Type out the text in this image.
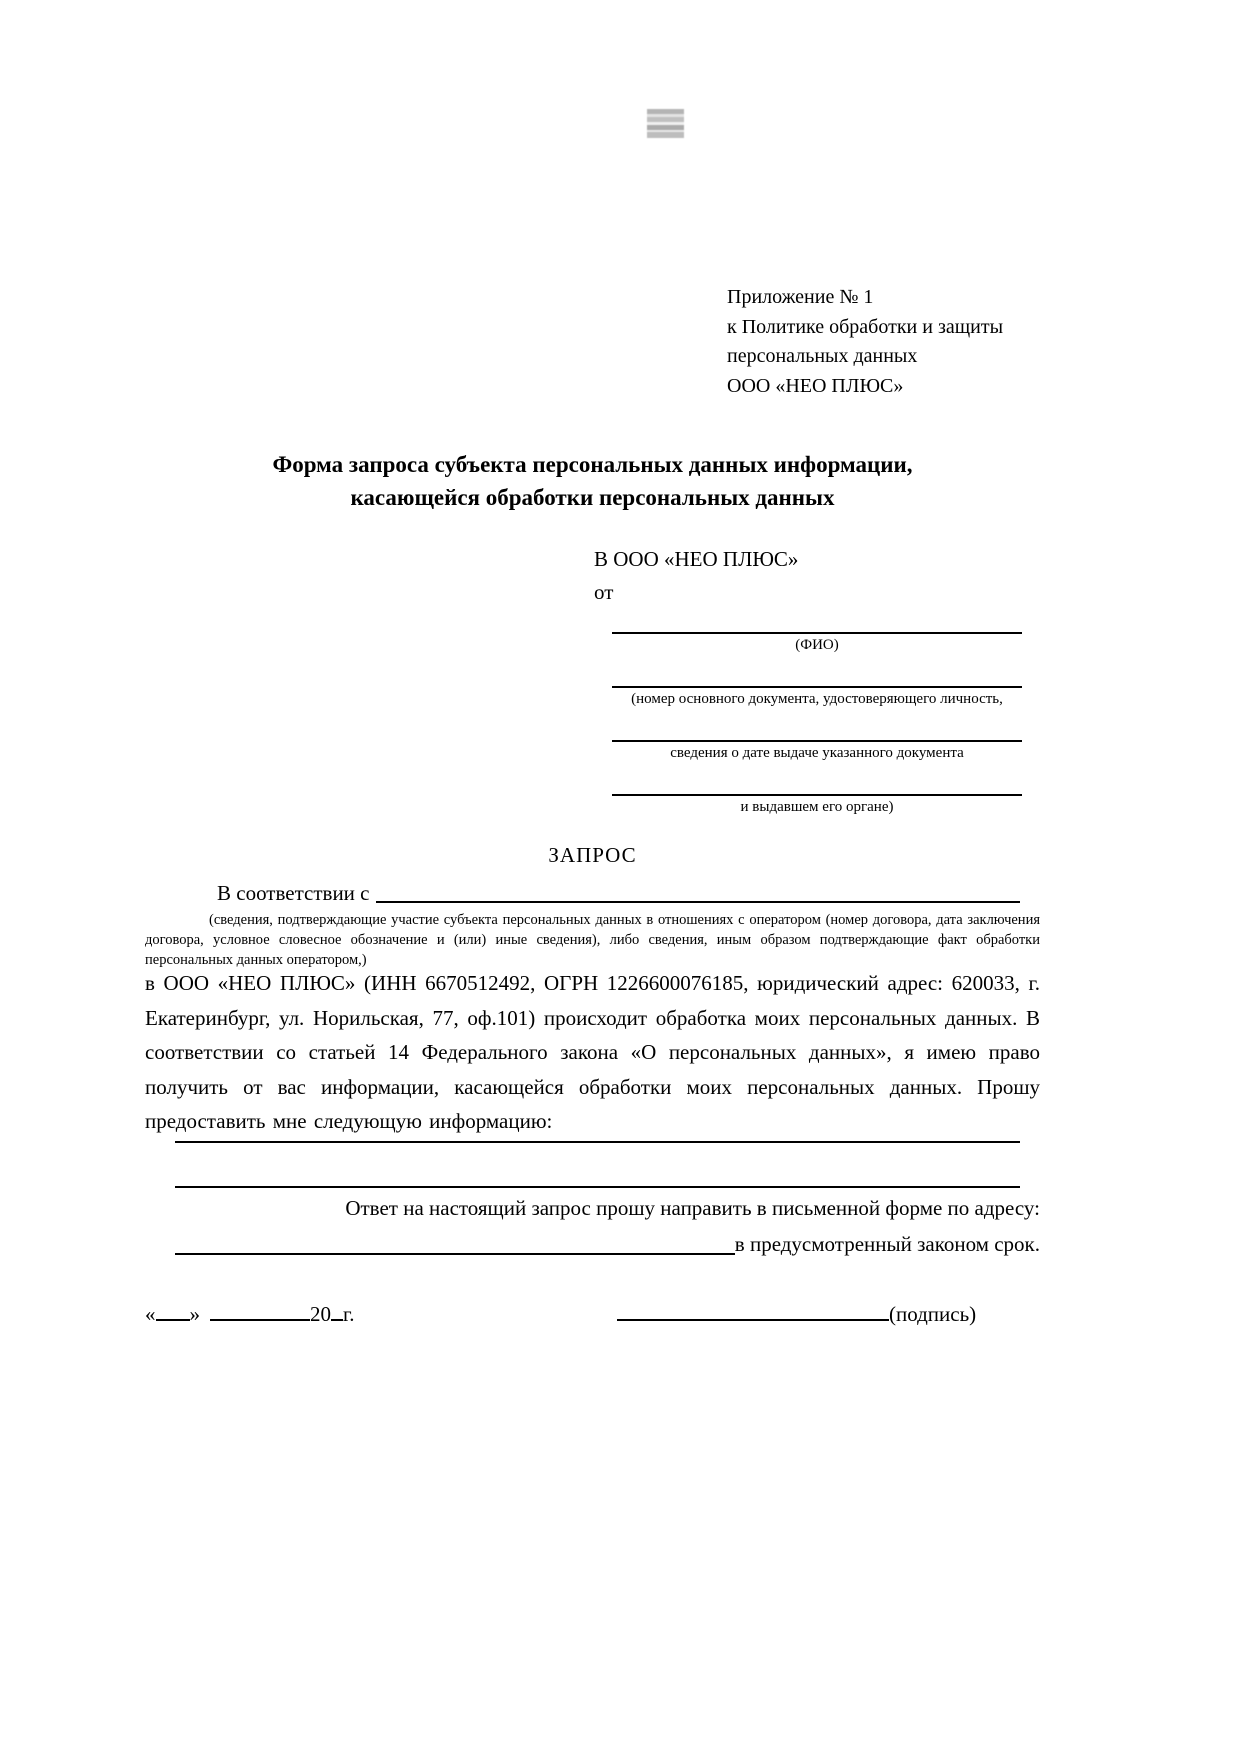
Приложение № 1
к Политике обработки и защиты
персональных данных
ООО «НЕО ПЛЮС»
Форма запроса субъекта персональных данных информации,
касающейся обработки персональных данных
В ООО «НЕО ПЛЮС»
от
(ФИО)
(номер основного документа, удостоверяющего личность,
сведения о дате выдаче указанного документа
и выдавшем его органе)
ЗАПРОС
В соответствии с
(сведения, подтверждающие участие субъекта персональных данных в отношениях с оператором (номер договора, дата заключения договора, условное словесное обозначение и (или) иные сведения), либо сведения, иным образом подтверждающие факт обработки персональных данных оператором,)
в ООО «НЕО ПЛЮС» (ИНН 6670512492, ОГРН 1226600076185, юридический адрес: 620033, г. Екатеринбург, ул. Норильская, 77, оф.101) происходит обработка моих персональных данных. В соответствии со статьей 14 Федерального закона «О персональных данных», я имею право получить от вас информации, касающейся обработки моих персональных данных. Прошу предоставить мне следующую информацию:
Ответ на настоящий запрос прошу направить в письменной форме по адресу:
в предусмотренный законом срок.
« »	20 г.	(подпись)
